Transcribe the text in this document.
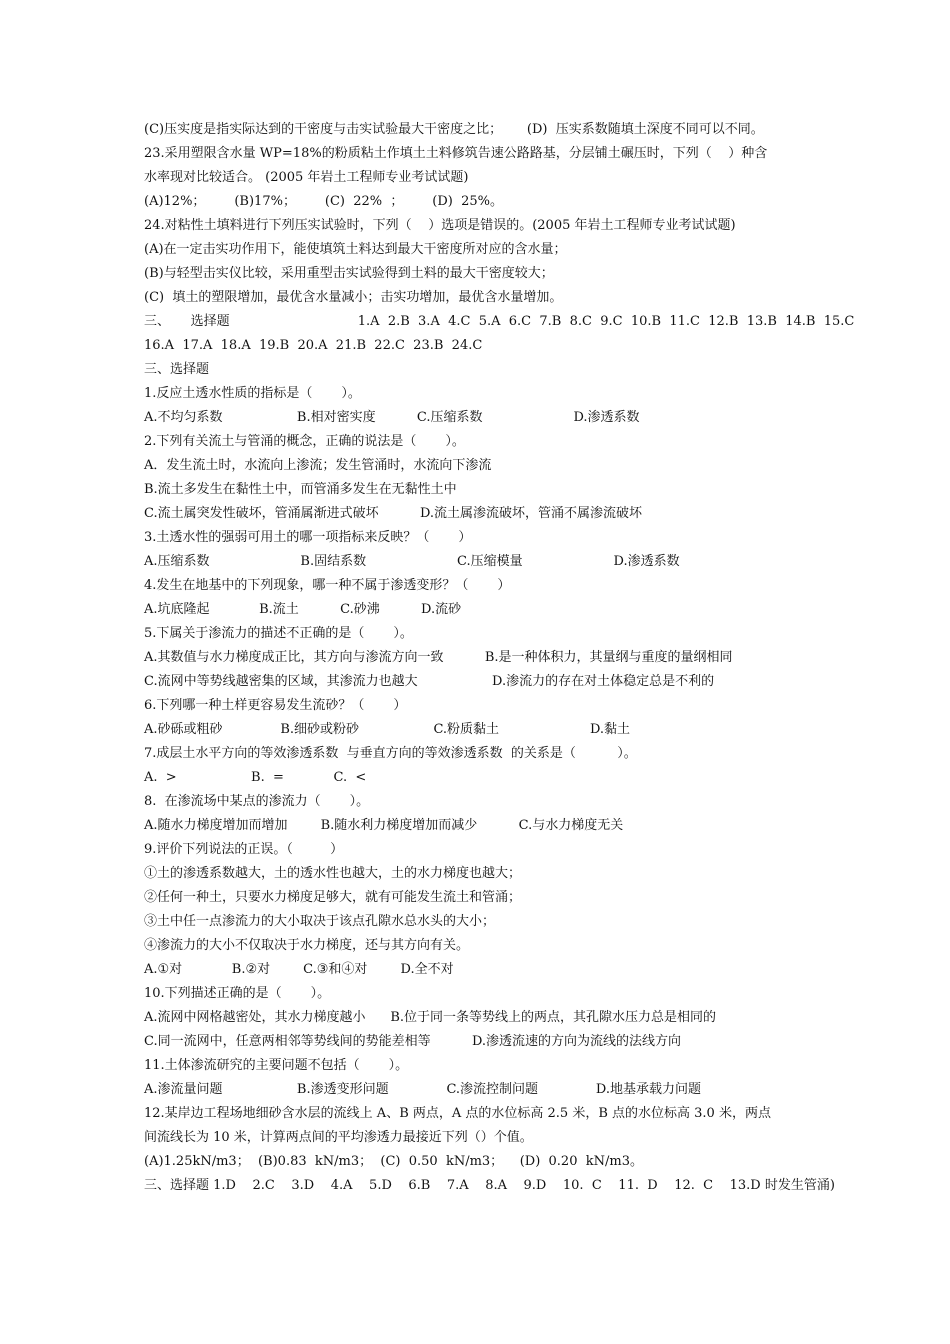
(C)压实度是指实际达到的干密度与击实试验最大干密度之比；      (D)  压实系数随填土深度不同可以不同。
23.采用塑限含水量 WP=18%的粉质粘土作填土土料修筑告速公路路基，分层铺土碾压时，下列（    ）种含
水率现对比较适合。 (2005 年岩土工程师专业考试试题)
(A)12%；       (B)17%；       (C)  22%  ；       (D)  25%。
24.对粘性土填料进行下列压实试验时，下列（    ）选项是错误的。(2005 年岩土工程师专业考试试题)
(A)在一定击实功作用下，能使填筑土料达到最大干密度所对应的含水量；
(B)与轻型击实仪比较，采用重型击实试验得到土料的最大干密度较大；
(C)  填土的塑限增加，最优含水量减小；击实功增加，最优含水量增加。
三、     选择题                               1.A  2.B  3.A  4.C  5.A  6.C  7.B  8.C  9.C  10.B  11.C  12.B  13.B  14.B  15.C
16.A  17.A  18.A  19.B  20.A  21.B  22.C  23.B  24.C
三、选择题
1.反应土透水性质的指标是（       ）。
A.不均匀系数                  B.相对密实度          C.压缩系数                      D.渗透系数
2.下列有关流土与管涌的概念，正确的说法是（       ）。
A．发生流土时，水流向上渗流；发生管涌时，水流向下渗流
B.流土多发生在黏性土中，而管涌多发生在无黏性土中
C.流土属突发性破坏，管涌属渐进式破坏          D.流土属渗流破坏，管涌不属渗流破坏
3.土透水性的强弱可用土的哪一项指标来反映？（       ）
A.压缩系数                      B.固结系数                      C.压缩模量                      D.渗透系数
4.发生在地基中的下列现象，哪一种不属于渗透变形？（       ）
A.坑底隆起            B.流土          C.砂沸          D.流砂
5.下属关于渗流力的描述不正确的是（       ）。
A.其数值与水力梯度成正比，其方向与渗流方向一致          B.是一种体积力，其量纲与重度的量纲相同
C.流网中等势线越密集的区域，其渗流力也越大                  D.渗流力的存在对土体稳定总是不利的
6.下列哪一种土样更容易发生流砂？（       ）
A.砂砾或粗砂              B.细砂或粉砂                  C.粉质黏土                      D.黏土
7.成层土水平方向的等效渗透系数  与垂直方向的等效渗透系数  的关系是（          ）。
A.  >                  B.  =            C.  <
8.  在渗流场中某点的渗流力（       ）。
A.随水力梯度增加而增加        B.随水利力梯度增加而减少          C.与水力梯度无关
9.评价下列说法的正误。（         ）
①土的渗透系数越大，土的透水性也越大，土的水力梯度也越大；
②任何一种土，只要水力梯度足够大，就有可能发生流土和管涌；
③土中任一点渗流力的大小取决于该点孔隙水总水头的大小；
④渗流力的大小不仅取决于水力梯度，还与其方向有关。
A.①对            B.②对        C.③和④对        D.全不对
10.下列描述正确的是（       ）。
A.流网中网格越密处，其水力梯度越小      B.位于同一条等势线上的两点，其孔隙水压力总是相同的
C.同一流网中，任意两相邻等势线间的势能差相等          D.渗透流速的方向为流线的法线方向
11.土体渗流研究的主要问题不包括（       ）。
A.渗流量问题                  B.渗透变形问题              C.渗流控制问题              D.地基承载力问题
12.某岸边工程场地细砂含水层的流线上 A、B 两点，A 点的水位标高 2.5 米，B 点的水位标高 3.0 米，两点
间流线长为 10 米，计算两点间的平均渗透力最接近下列（）个值。
(A)1.25kN/m3；  (B)0.83  kN/m3；  (C)  0.50  kN/m3；    (D)  0.20  kN/m3。
三、选择题 1.D    2.C    3.D    4.A    5.D    6.B    7.A    8.A    9.D    10.  C    11.  D    12.  C    13.D 时发生管涌)
